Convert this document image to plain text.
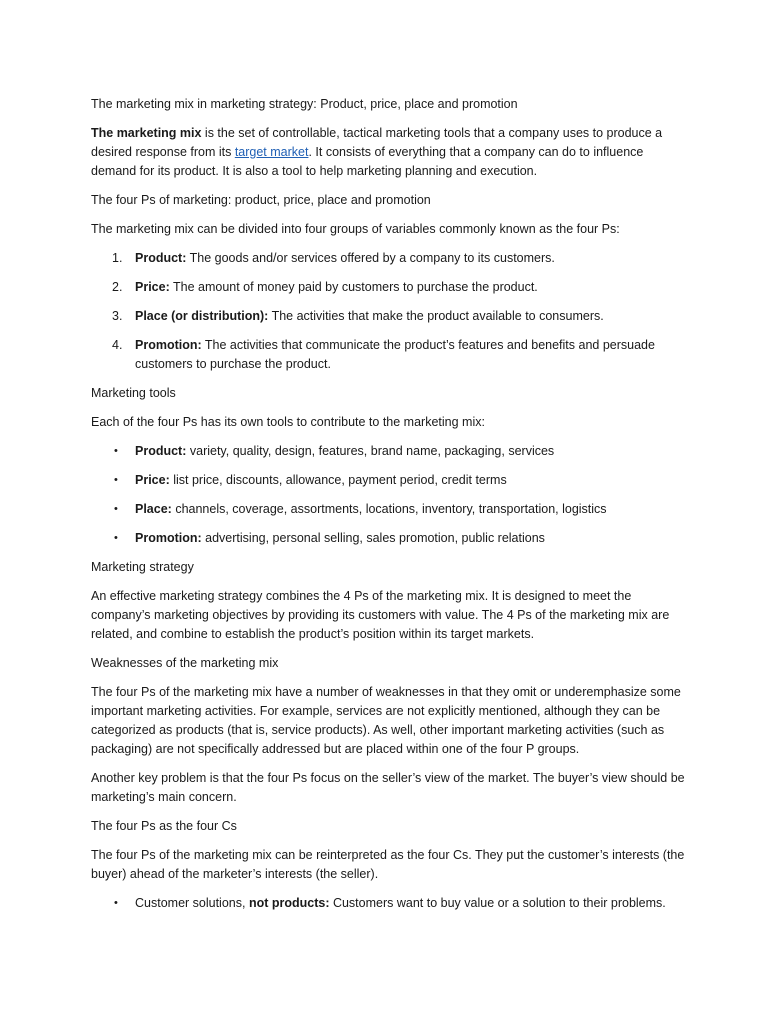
The marketing mix in marketing strategy: Product, price, place and promotion

The marketing mix is the set of controllable, tactical marketing tools that a company uses to produce a desired response from its target market. It consists of everything that a company can do to influence demand for its product. It is also a tool to help marketing planning and execution.

The four Ps of marketing: product, price, place and promotion

The marketing mix can be divided into four groups of variables commonly known as the four Ps:

1. Product: The goods and/or services offered by a company to its customers.
2. Price: The amount of money paid by customers to purchase the product.
3. Place (or distribution): The activities that make the product available to consumers.
4. Promotion: The activities that communicate the product’s features and benefits and persuade customers to purchase the product.

Marketing tools

Each of the four Ps has its own tools to contribute to the marketing mix:

• Product: variety, quality, design, features, brand name, packaging, services
• Price: list price, discounts, allowance, payment period, credit terms
• Place: channels, coverage, assortments, locations, inventory, transportation, logistics
• Promotion: advertising, personal selling, sales promotion, public relations

Marketing strategy

An effective marketing strategy combines the 4 Ps of the marketing mix. It is designed to meet the company’s marketing objectives by providing its customers with value. The 4 Ps of the marketing mix are related, and combine to establish the product’s position within its target markets.

Weaknesses of the marketing mix

The four Ps of the marketing mix have a number of weaknesses in that they omit or underemphasize some important marketing activities. For example, services are not explicitly mentioned, although they can be categorized as products (that is, service products). As well, other important marketing activities (such as packaging) are not specifically addressed but are placed within one of the four P groups.

Another key problem is that the four Ps focus on the seller’s view of the market. The buyer’s view should be marketing’s main concern.

The four Ps as the four Cs

The four Ps of the marketing mix can be reinterpreted as the four Cs. They put the customer’s interests (the buyer) ahead of the marketer’s interests (the seller).

• Customer solutions, not products: Customers want to buy value or a solution to their problems.
